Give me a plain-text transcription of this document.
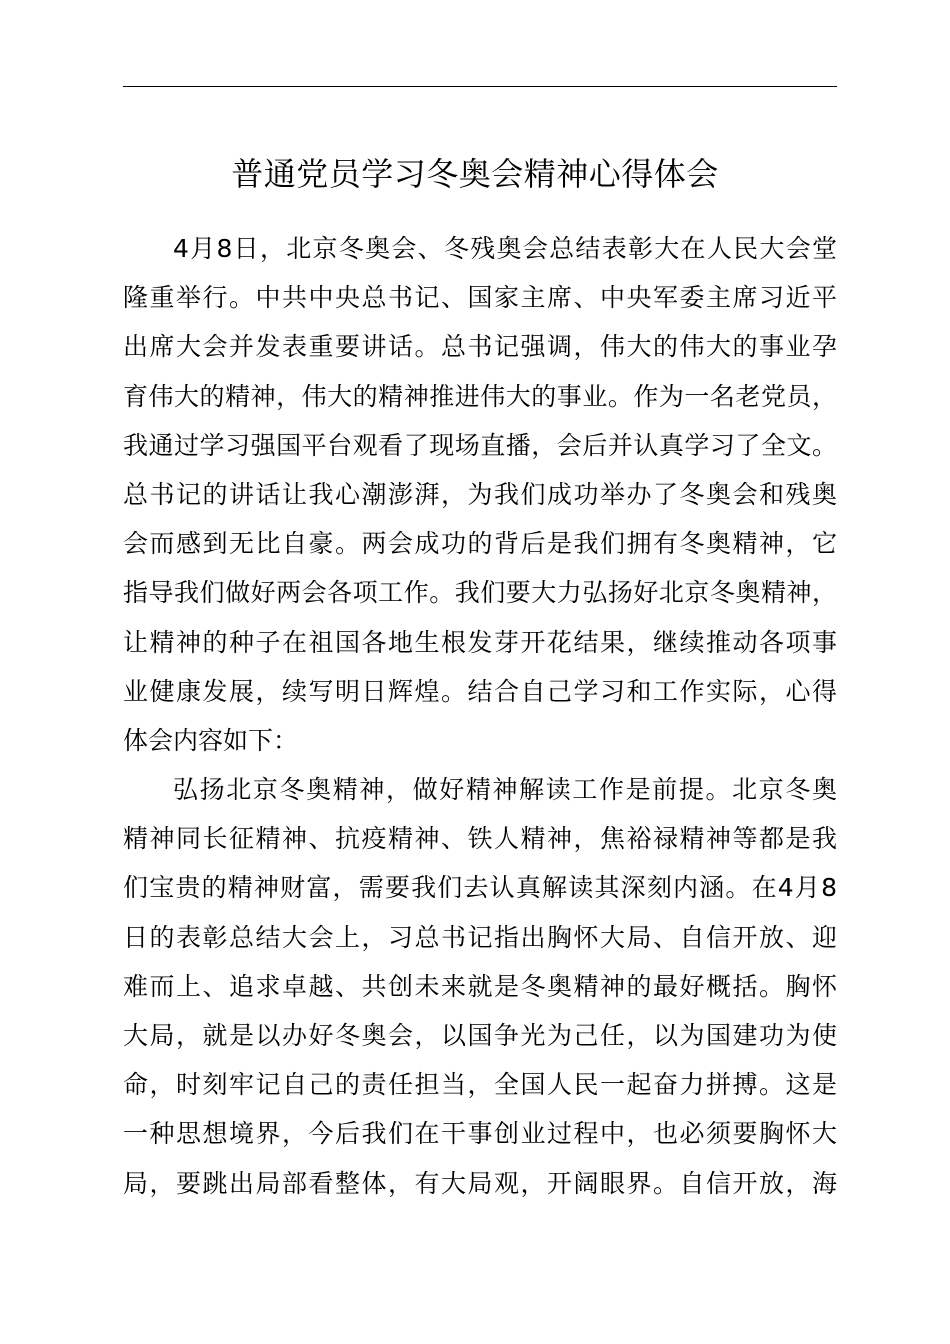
普通党员学习冬奥会精神心得体会
4月8日，北京冬奥会、冬残奥会总结表彰大在人民大会堂
隆重举行。中共中央总书记、国家主席、中央军委主席习近平
出席大会并发表重要讲话。总书记强调，伟大的伟大的事业孕
育伟大的精神，伟大的精神推进伟大的事业。作为一名老党员，
我通过学习强国平台观看了现场直播，会后并认真学习了全文。
总书记的讲话让我心潮澎湃，为我们成功举办了冬奥会和残奥
会而感到无比自豪。两会成功的背后是我们拥有冬奥精神，它
指导我们做好两会各项工作。我们要大力弘扬好北京冬奥精神，
让精神的种子在祖国各地生根发芽开花结果，继续推动各项事
业健康发展，续写明日辉煌。结合自己学习和工作实际，心得
体会内容如下：
弘扬北京冬奥精神，做好精神解读工作是前提。北京冬奥
精神同长征精神、抗疫精神、铁人精神，焦裕禄精神等都是我
们宝贵的精神财富，需要我们去认真解读其深刻内涵。在4月8
日的表彰总结大会上，习总书记指出胸怀大局、自信开放、迎
难而上、追求卓越、共创未来就是冬奥精神的最好概括。胸怀
大局，就是以办好冬奥会，以国争光为己任，以为国建功为使
命，时刻牢记自己的责任担当，全国人民一起奋力拼搏。这是
一种思想境界，今后我们在干事创业过程中，也必须要胸怀大
局，要跳出局部看整体，有大局观，开阔眼界。自信开放，海
